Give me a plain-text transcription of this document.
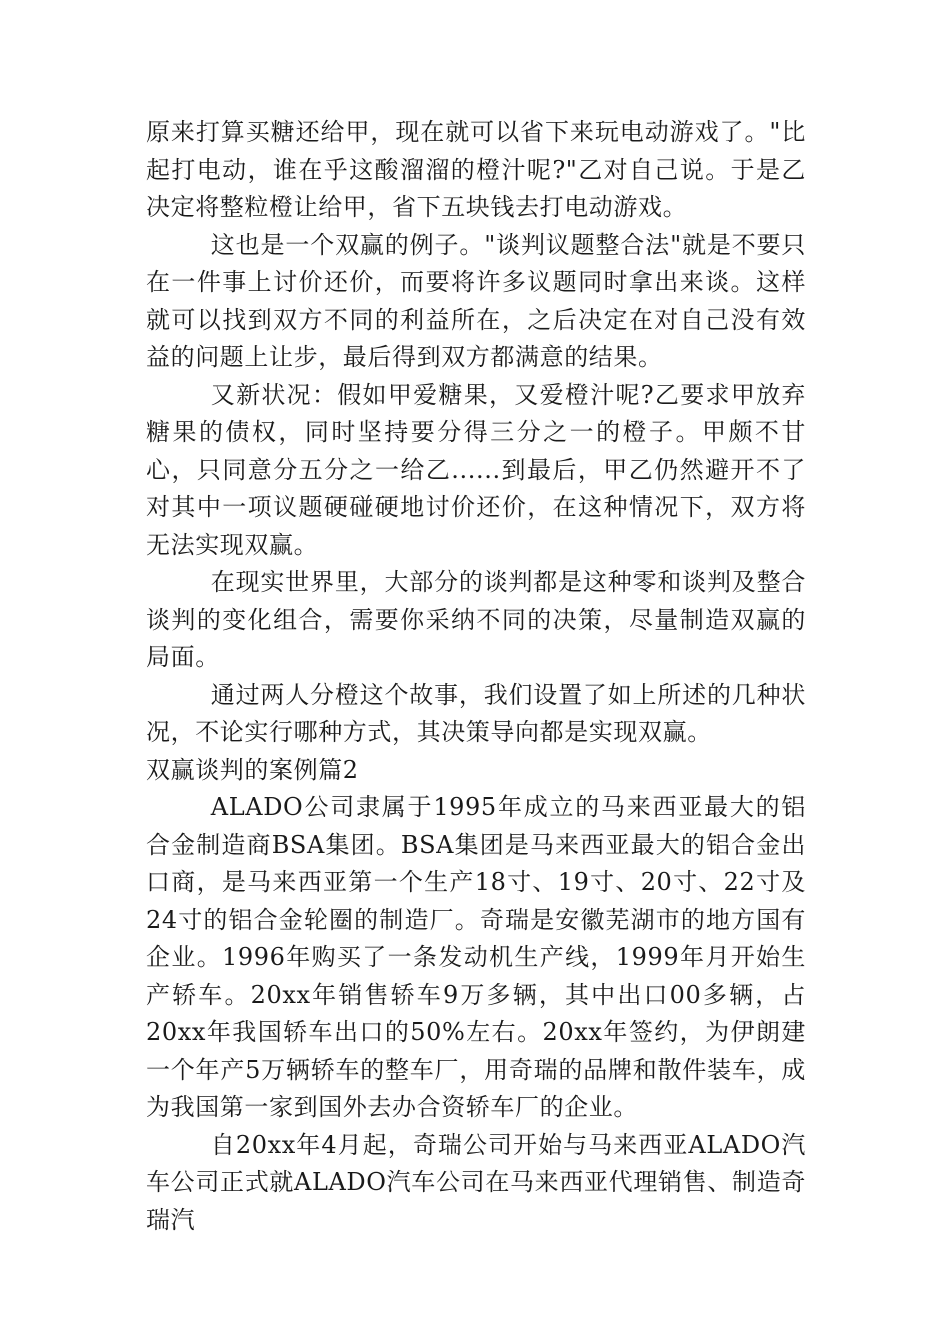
原来打算买糖还给甲，现在就可以省下来玩电动游戏了。"比起打电动，谁在乎这酸溜溜的橙汁呢?"乙对自己说。于是乙决定将整粒橙让给甲，省下五块钱去打电动游戏。

这也是一个双赢的例子。"谈判议题整合法"就是不要只在一件事上讨价还价，而要将许多议题同时拿出来谈。这样就可以找到双方不同的利益所在，之后决定在对自己没有效益的问题上让步，最后得到双方都满意的结果。

又新状况：假如甲爱糖果，又爱橙汁呢?乙要求甲放弃糖果的债权，同时坚持要分得三分之一的橙子。甲颇不甘心，只同意分五分之一给乙......到最后，甲乙仍然避开不了对其中一项议题硬碰硬地讨价还价，在这种情况下，双方将无法实现双赢。

在现实世界里，大部分的谈判都是这种零和谈判及整合谈判的变化组合，需要你采纳不同的决策，尽量制造双赢的局面。

通过两人分橙这个故事，我们设置了如上所述的几种状况，不论实行哪种方式，其决策导向都是实现双赢。

双赢谈判的案例篇2

ALADO公司隶属于1995年成立的马来西亚最大的铝合金制造商BSA集团。BSA集团是马来西亚最大的铝合金出口商，是马来西亚第一个生产18寸、19寸、20寸、22寸及24寸的铝合金轮圈的制造厂。奇瑞是安徽芜湖市的地方国有企业。1996年购买了一条发动机生产线，1999年月开始生产轿车。20xx年销售轿车9万多辆，其中出口00多辆，占20xx年我国轿车出口的50%左右。20xx年签约，为伊朗建一个年产5万辆轿车的整车厂，用奇瑞的品牌和散件装车，成为我国第一家到国外去办合资轿车厂的企业。

自20xx年4月起，奇瑞公司开始与马来西亚ALADO汽车公司正式就ALADO汽车公司在马来西亚代理销售、制造奇瑞汽
